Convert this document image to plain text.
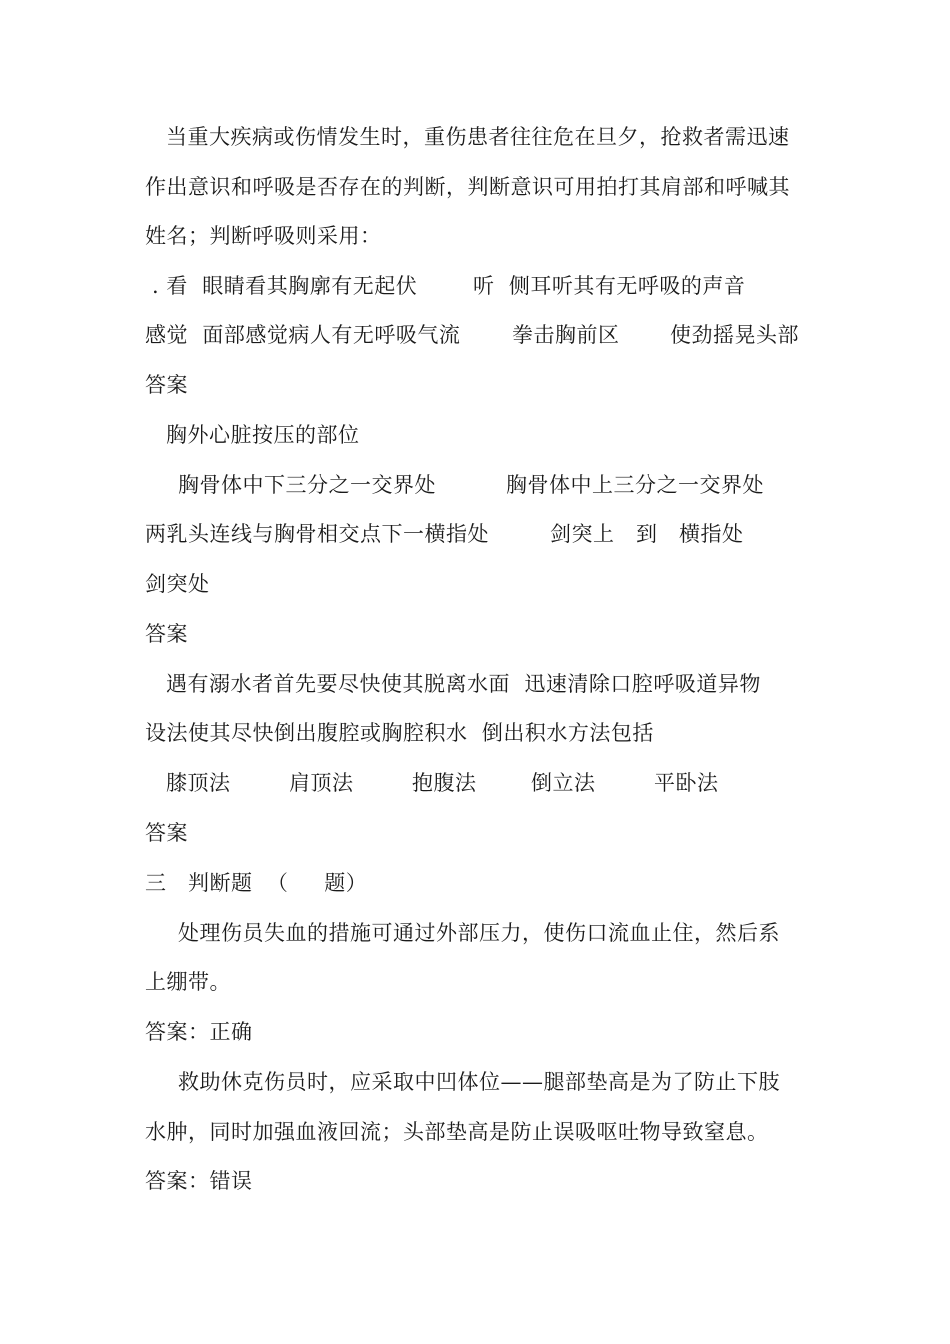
当重大疾病或伤情发生时，重伤患者往往危在旦夕，抢救者需迅速
作出意识和呼吸是否存在的判断，判断意识可用拍打其肩部和呼喊其
姓名；判断呼吸则采用：
. 看  眼睛看其胸廓有无起伏	听  侧耳听其有无呼吸的声音
感觉  面部感觉病人有无呼吸气流 拳击胸前区 使劲摇晃头部
答案
胸外心脏按压的部位
胸骨体中下三分之一交界处	胸骨体中上三分之一交界处
两乳头连线与胸骨相交点下一横指处	剑突上   到   横指处
剑突处
答案
遇有溺水者首先要尽快使其脱离水面  迅速清除口腔呼吸道异物
设法使其尽快倒出腹腔或胸腔积水  倒出积水方法包括
膝顶法	肩顶法	抱腹法	倒立法	平卧法
答案
三   判断题  （     题）
处理伤员失血的措施可通过外部压力，使伤口流血止住，然后系
上绷带。
答案：正确
救助休克伤员时，应采取中凹体位——腿部垫高是为了防止下肢
水肿，同时加强血液回流；头部垫高是防止误吸呕吐物导致窒息。
答案：错误
